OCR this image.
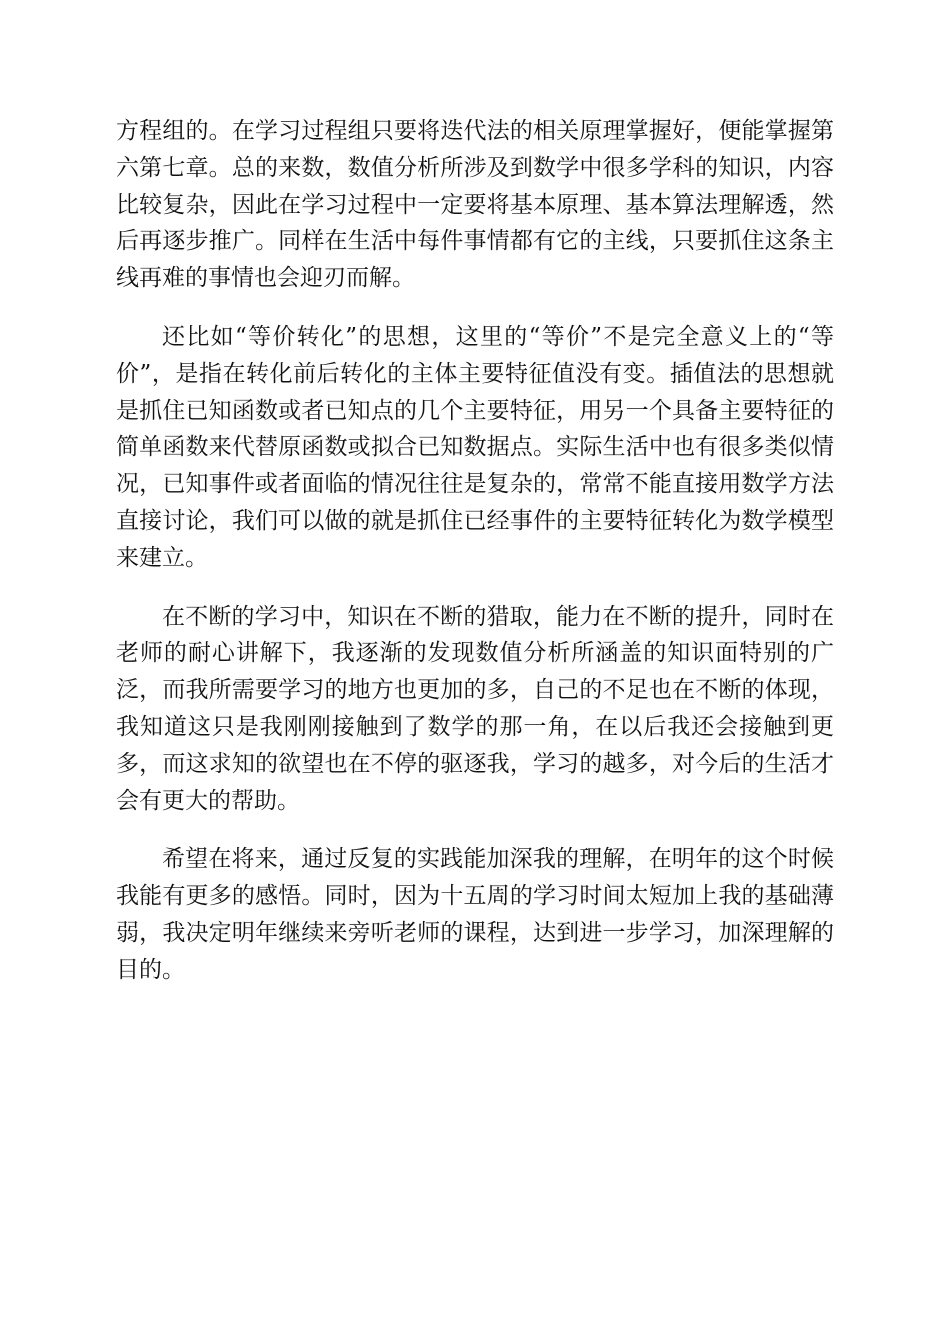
方程组的。在学习过程组只要将迭代法的相关原理掌握好，便能掌握第六第七章。总的来数，数值分析所涉及到数学中很多学科的知识，内容比较复杂，因此在学习过程中一定要将基本原理、基本算法理解透，然后再逐步推广。同样在生活中每件事情都有它的主线，只要抓住这条主线再难的事情也会迎刃而解。

还比如“等价转化”的思想，这里的“等价”不是完全意义上的“等价”，是指在转化前后转化的主体主要特征值没有变。插值法的思想就是抓住已知函数或者已知点的几个主要特征，用另一个具备主要特征的简单函数来代替原函数或拟合已知数据点。实际生活中也有很多类似情况，已知事件或者面临的情况往往是复杂的，常常不能直接用数学方法直接讨论，我们可以做的就是抓住已经事件的主要特征转化为数学模型来建立。

在不断的学习中，知识在不断的猎取，能力在不断的提升，同时在老师的耐心讲解下，我逐渐的发现数值分析所涵盖的知识面特别的广泛，而我所需要学习的地方也更加的多，自己的不足也在不断的体现，我知道这只是我刚刚接触到了数学的那一角，在以后我还会接触到更多，而这求知的欲望也在不停的驱逐我，学习的越多，对今后的生活才会有更大的帮助。

希望在将来，通过反复的实践能加深我的理解，在明年的这个时候我能有更多的感悟。同时，因为十五周的学习时间太短加上我的基础薄弱，我决定明年继续来旁听老师的课程，达到进一步学习，加深理解的目的。
